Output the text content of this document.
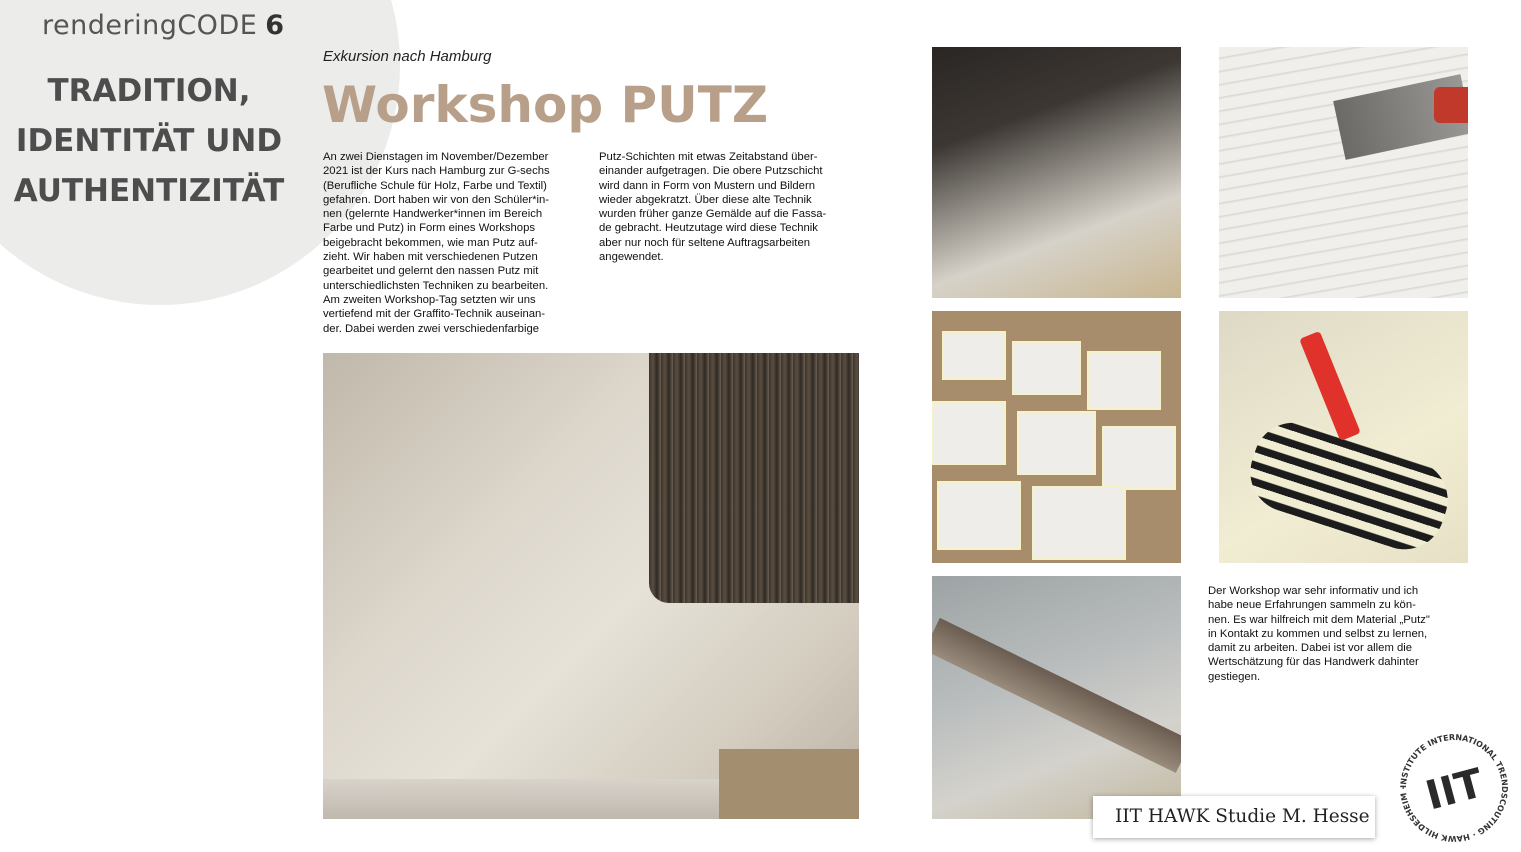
renderingCODE 6
TRADITION,
IDENTITÄT UND
AUTHENTIZITÄT
Exkursion nach Hamburg
Workshop PUTZ
An zwei Dienstagen im November/Dezember
2021 ist der Kurs nach Hamburg zur G-sechs
(Berufliche Schule für Holz, Farbe und Textil)
gefahren. Dort haben wir von den Schüler*in-
nen (gelernte Handwerker*innen im Bereich
Farbe und Putz) in Form eines Workshops
beigebracht bekommen, wie man Putz auf-
zieht. Wir haben mit verschiedenen Putzen
gearbeitet und gelernt den nassen Putz mit
unterschiedlichsten Techniken zu bearbeiten.
Am zweiten Workshop-Tag setzten wir uns
vertiefend mit der Graffito-Technik auseinan-
der. Dabei werden zwei verschiedenfarbige
Putz-Schichten mit etwas Zeitabstand über-
einander aufgetragen. Die obere Putzschicht
wird dann in Form von Mustern und Bildern
wieder abgekratzt. Über diese alte Technik
wurden früher ganze Gemälde auf die Fassa-
de gebracht. Heutzutage wird diese Technik
aber nur noch für seltene Auftragsarbeiten
angewendet.
Der Workshop war sehr informativ und ich
habe neue Erfahrungen sammeln zu kön-
nen. Es war hilfreich mit dem Material „Putz"
in Kontakt zu kommen und selbst zu lernen,
damit zu arbeiten. Dabei ist vor allem die
Wertschätzung für das Handwerk dahinter
gestiegen.
IIT HAWK Studie M. Hesse
INSTITUTE INTERNATIONAL TRENDSCOUTING · HAWK HILDESHEIM · IIT
